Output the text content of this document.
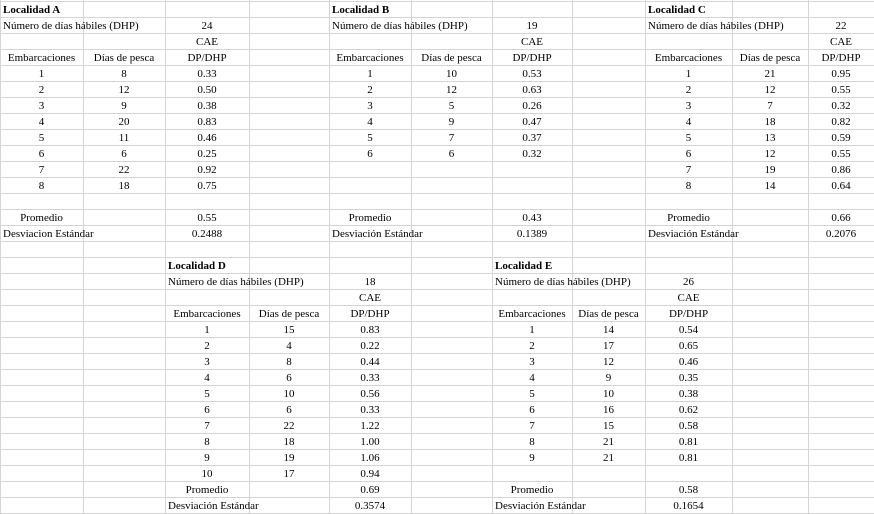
Localidad A
Número de días hábiles (DHP)	24
CAE
Embarcaciones	Días de pesca	DP/DHP
1	8	0.33
2	12	0.50
3	9	0.38
4	20	0.83
5	11	0.46
6	6	0.25
7	22	0.92
8	18	0.75
Promedio	0.55
Desviacion Estándar	0.2488
Localidad B
Número de días hábiles (DHP)	19
CAE
Embarcaciones	Días de pesca	DP/DHP
1	10	0.53
2	12	0.63
3	5	0.26
4	9	0.47
5	7	0.37
6	6	0.32
Promedio	0.43
Desviación Estándar	0.1389
Localidad C
Número de días hábiles (DHP)	22
CAE
Embarcaciones	Días de pesca	DP/DHP
1	21	0.95
2	12	0.55
3	7	0.32
4	18	0.82
5	13	0.59
6	12	0.55
7	19	0.86
8	14	0.64
Promedio	0.66
Desviación Estándar	0.2076
Localidad D
Número de días hábiles (DHP)	18
CAE
Embarcaciones	Días de pesca	DP/DHP
1	15	0.83
2	4	0.22
3	8	0.44
4	6	0.33
5	10	0.56
6	6	0.33
7	22	1.22
8	18	1.00
9	19	1.06
10	17	0.94
Promedio	0.69
Desviación Estándar	0.3574
Localidad E
Número de días hábiles (DHP)	26
CAE
Embarcaciones	Días de pesca	DP/DHP
1	14	0.54
2	17	0.65
3	12	0.46
4	9	0.35
5	10	0.38
6	16	0.62
7	15	0.58
8	21	0.81
9	21	0.81
Promedio	0.58
Desviación Estándar	0.1654
